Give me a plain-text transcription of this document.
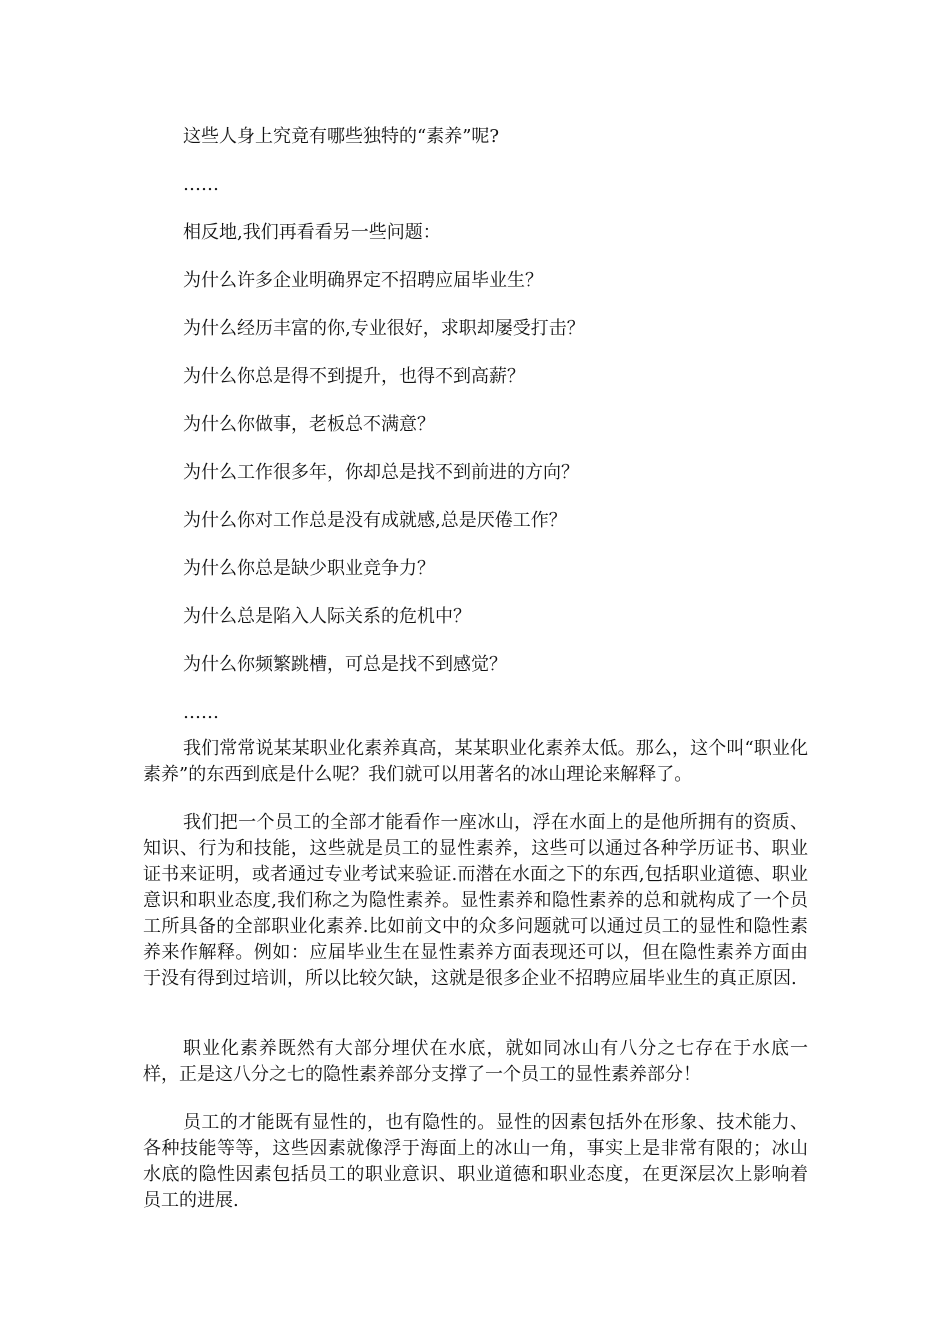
这些人身上究竟有哪些独特的“素养”呢?
……
相反地,我们再看看另一些问题：
为什么许多企业明确界定不招聘应届毕业生？
为什么经历丰富的你,专业很好，求职却屡受打击？
为什么你总是得不到提升，也得不到高薪？
为什么你做事，老板总不满意？
为什么工作很多年，你却总是找不到前进的方向？
为什么你对工作总是没有成就感,总是厌倦工作？
为什么你总是缺少职业竞争力？
为什么总是陷入人际关系的危机中？
为什么你频繁跳槽，可总是找不到感觉？
……

我们常常说某某职业化素养真高，某某职业化素养太低。那么，这个叫“职业化素养”的东西到底是什么呢？我们就可以用著名的冰山理论来解释了。

我们把一个员工的全部才能看作一座冰山，浮在水面上的是他所拥有的资质、知识、行为和技能，这些就是员工的显性素养，这些可以通过各种学历证书、职业证书来证明，或者通过专业考试来验证.而潜在水面之下的东西,包括职业道德、职业意识和职业态度,我们称之为隐性素养。显性素养和隐性素养的总和就构成了一个员工所具备的全部职业化素养.比如前文中的众多问题就可以通过员工的显性和隐性素养来作解释。例如：应届毕业生在显性素养方面表现还可以，但在隐性素养方面由于没有得到过培训，所以比较欠缺，这就是很多企业不招聘应届毕业生的真正原因.

职业化素养既然有大部分埋伏在水底，就如同冰山有八分之七存在于水底一样，正是这八分之七的隐性素养部分支撑了一个员工的显性素养部分！

员工的才能既有显性的，也有隐性的。显性的因素包括外在形象、技术能力、各种技能等等，这些因素就像浮于海面上的冰山一角，事实上是非常有限的；冰山水底的隐性因素包括员工的职业意识、职业道德和职业态度，在更深层次上影响着员工的进展.
